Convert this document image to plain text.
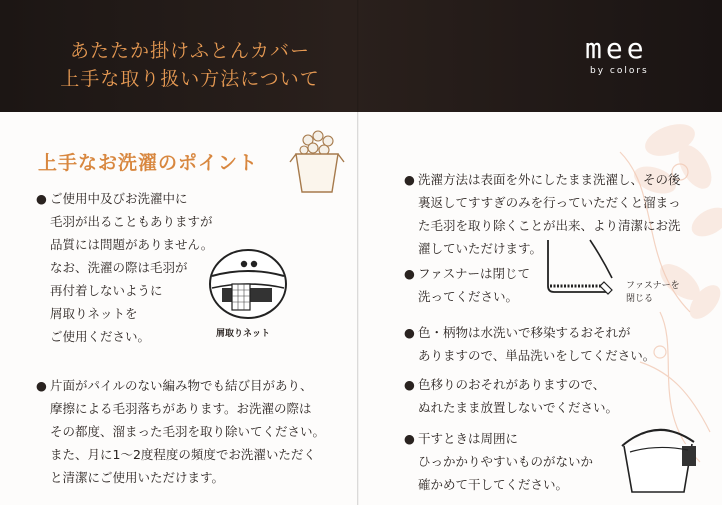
あたたか掛けふとんカバー
上手な取り扱い方法について
mee
by colors
上手なお洗濯のポイント
● ご使用中及びお洗濯中に
毛羽が出ることもありますが
品質には問題がありません。
なお、洗濯の際は毛羽が
再付着しないように
屑取りネットを
ご使用ください。	屑取りネット
● 片面がパイルのない編み物でも結び目があり、
摩擦による毛羽落ちがあります。お洗濯の際は
その都度、溜まった毛羽を取り除いてください。
また、月に1〜2度程度の頻度でお洗濯いただく
と清潔にご使用いただけます。
● 洗濯方法は表面を外にしたまま洗濯し、その後
裏返してすすぎのみを行っていただくと溜まっ
た毛羽を取り除くことが出来、より清潔にお洗
濯していただけます。
● ファスナーは閉じて
洗ってください。
ファスナーを
閉じる
● 色・柄物は水洗いで移染するおそれが
ありますので、単品洗いをしてください。
● 色移りのおそれがありますので、
ぬれたまま放置しないでください。
● 干すときは周囲に
ひっかかりやすいものがないか
確かめて干してください。
